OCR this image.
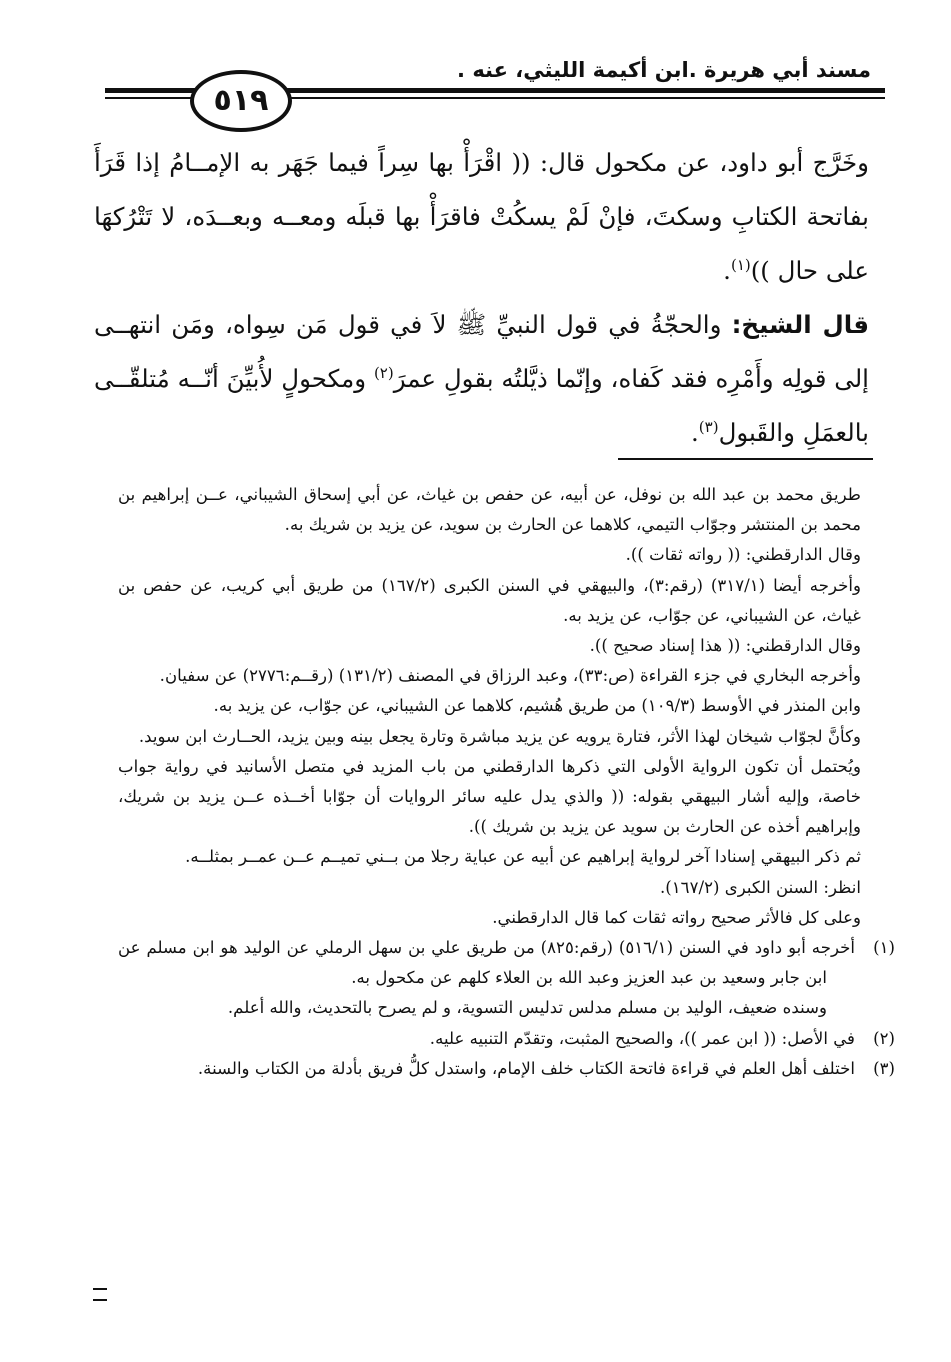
مسند أبي هريرة .ابن أكيمة الليثي، عنه .
٥١٩

وخَرَّج أبو داود، عن مكحول قال: (( اقْرَأْ بها سِراً فيما جَهَر به الإمــامُ إذا قَرَأَ بفاتحة الكتابِ وسكتَ، فإنْ لَمْ يسكُتْ فاقرَأْ بها قبلَه ومعــه وبعــدَه، لا تَتْرُكهَا على حال ))$^{(١)}$.

قال الشيخ: والحجّةُ في قول النبيِّ ﷺ لاَ في قول مَن سِواه، ومَن انتهــى إلى قولِه وأَمْرِه فقد كَفاه، وإنّما ذيَّلتُه بقولِ عمرَ$^{(٢)}$ ومكحولٍ لأُبيِّنَ أنّــه مُتلقّــى بالعمَلِ والقَبول$^{(٣)}$.

طريق محمد بن عبد الله بن نوفل، عن أبيه، عن حفص بن غياث، عن أبي إسحاق الشيباني، عــن إبراهيم بن محمد بن المنتشر وجوّاب التيمي، كلاهما عن الحارث بن سويد، عن يزيد بن شريك به.

وقال الدارقطني: (( رواته ثقات )).

وأخرجه أيضا (٣١٧/١) (رقم:٣)، والبيهقي في السنن الكبرى (١٦٧/٢) من طريق أبي كريب، عن حفص بن غياث، عن الشيباني، عن جوّاب، عن يزيد به.

وقال الدارقطني: (( هذا إسناد صحيح )).

وأخرجه البخاري في جزء القراءة (ص:٣٣)، وعبد الرزاق في المصنف (١٣١/٢) (رقــم:٢٧٧٦) عن سفيان.

وابن المنذر في الأوسط (١٠٩/٣) من طريق هُشيم، كلاهما عن الشيباني، عن جوّاب، عن يزيد به.

وكأنَّ لجوّاب شيخان لهذا الأثر، فتارة يرويه عن يزيد مباشرة وتارة يجعل بينه وبين يزيد، الحــارث ابن سويد.

ويُحتمل أن تكون الرواية الأولى التي ذكرها الدارقطني من باب المزيد في متصل الأسانيد في رواية جواب خاصة، وإليه أشار البيهقي بقوله: (( والذي يدل عليه سائر الروايات أن جوّابا أخــذه عــن يزيد بن شريك، وإبراهيم أخذه عن الحارث بن سويد عن يزيد بن شريك )).

ثم ذكر البيهقي إسنادا آخر لرواية إبراهيم عن أبيه عن عباية رجلا من بــني تميــم عــن عمــر بمثلــه.

انظر: السنن الكبرى (١٦٧/٢).

وعلى كل فالأثر صحيح رواته ثقات كما قال الدارقطني.

(١)أخرجه أبو داود في السنن (٥١٦/١) (رقم:٨٢٥) من طريق علي بن سهل الرملي عن الوليد هو ابن مسلم عن ابن جابر وسعيد بن عبد العزيز وعبد الله بن العلاء كلهم عن مكحول به.

وسنده ضعيف، الوليد بن مسلم مدلس تدليس التسوية، و لم يصرح بالتحديث، والله أعلم.

(٢)في الأصل: (( ابن عمر ))، والصحيح المثبت، وتقدّم التنبيه عليه.

(٣)اختلف أهل العلم في قراءة فاتحة الكتاب خلف الإمام، واستدل كلُّ فريق بأدلة من الكتاب والسنة.
